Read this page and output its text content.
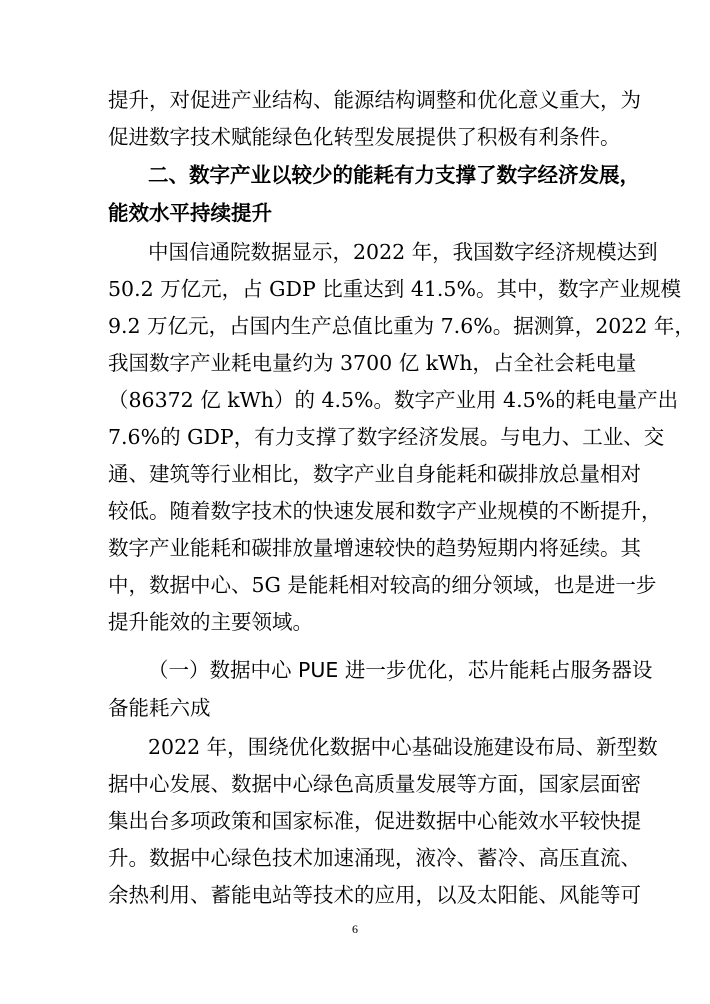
提升，对促进产业结构、能源结构调整和优化意义重大，为
促进数字技术赋能绿色化转型发展提供了积极有利条件。
二、数字产业以较少的能耗有力支撑了数字经济发展，
能效水平持续提升
中国信通院数据显示，2022 年，我国数字经济规模达到
50.2 万亿元，占 GDP 比重达到 41.5%。其中，数字产业规模
9.2 万亿元，占国内生产总值比重为 7.6%。据测算，2022 年，
我国数字产业耗电量约为 3700 亿 kWh，占全社会耗电量
（86372 亿 kWh）的 4.5%。数字产业用 4.5%的耗电量产出
7.6%的 GDP，有力支撑了数字经济发展。与电力、工业、交
通、建筑等行业相比，数字产业自身能耗和碳排放总量相对
较低。随着数字技术的快速发展和数字产业规模的不断提升，
数字产业能耗和碳排放量增速较快的趋势短期内将延续。其
中，数据中心、5G 是能耗相对较高的细分领域，也是进一步
提升能效的主要领域。
（一）数据中心 PUE 进一步优化，芯片能耗占服务器设
备能耗六成
2022 年，围绕优化数据中心基础设施建设布局、新型数
据中心发展、数据中心绿色高质量发展等方面，国家层面密
集出台多项政策和国家标准，促进数据中心能效水平较快提
升。数据中心绿色技术加速涌现，液冷、蓄冷、高压直流、
余热利用、蓄能电站等技术的应用，以及太阳能、风能等可
6
